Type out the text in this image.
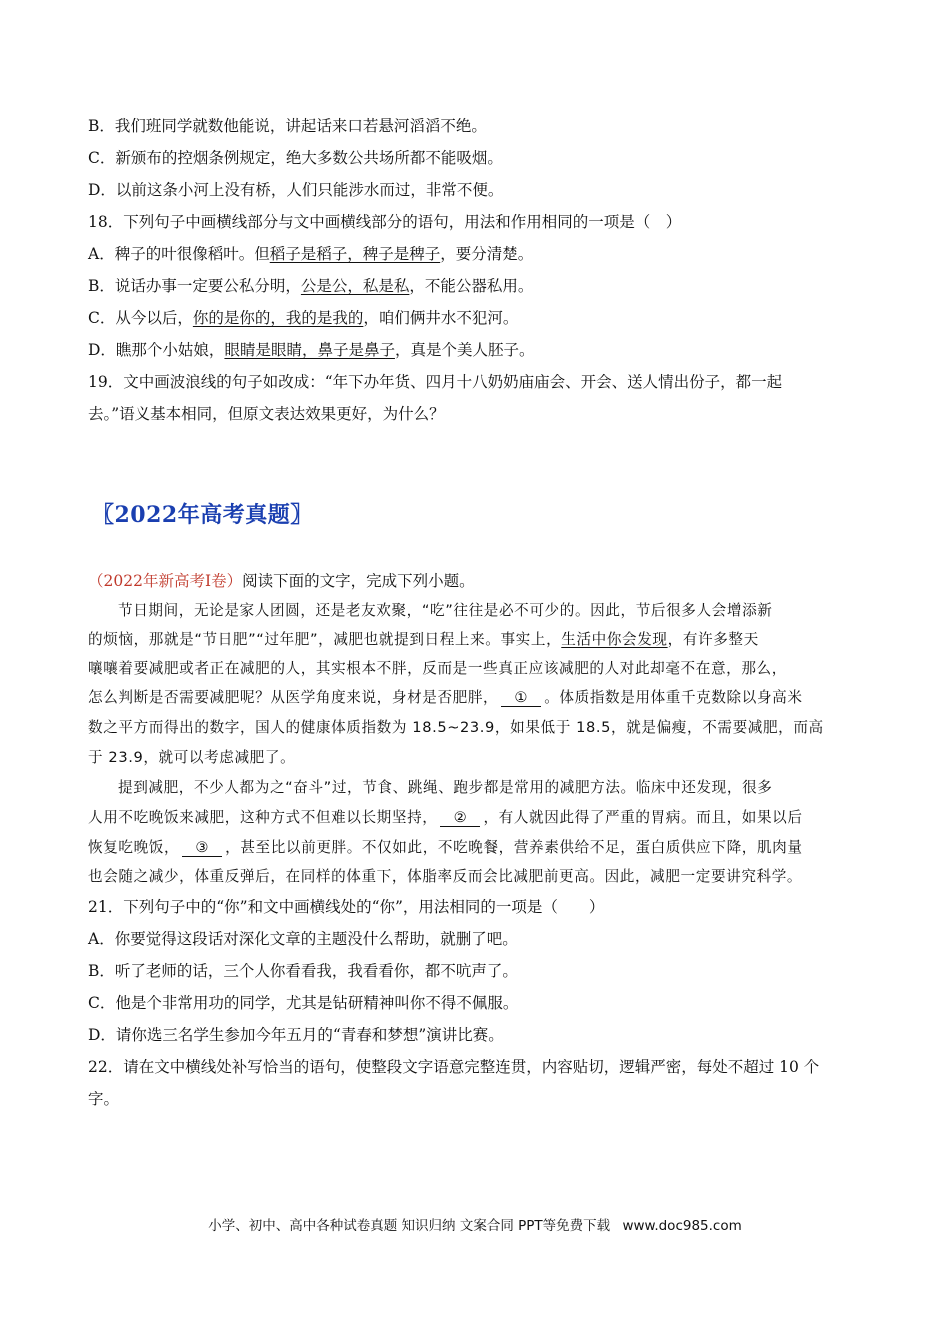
B．我们班同学就数他能说，讲起话来口若悬河滔滔不绝。
C．新颁布的控烟条例规定，绝大多数公共场所都不能吸烟。
D．以前这条小河上没有桥，人们只能涉水而过，非常不便。
18．下列句子中画横线部分与文中画横线部分的语句，用法和作用相同的一项是（　）
A．稗子的叶很像稻叶。但稻子是稻子，稗子是稗子，要分清楚。
B．说话办事一定要公私分明，公是公，私是私，不能公器私用。
C．从今以后，你的是你的，我的是我的，咱们俩井水不犯河。
D．瞧那个小姑娘，眼睛是眼睛，鼻子是鼻子，真是个美人胚子。
19．文中画波浪线的句子如改成：“年下办年货、四月十八奶奶庙庙会、开会、送人情出份子，都一起
去。”语义基本相同，但原文表达效果更好，为什么？
〖2022年高考真题〗
（2022年新高考Ⅰ卷）阅读下面的文字，完成下列小题。
节日期间，无论是家人团圆，还是老友欢聚，“吃”往往是必不可少的。因此，节后很多人会增添新
的烦恼，那就是“节日肥”“过年肥”，减肥也就提到日程上来。事实上，生活中你会发现，有许多整天
嚷嚷着要减肥或者正在减肥的人，其实根本不胖，反而是一些真正应该减肥的人对此却毫不在意，那么，
怎么判断是否需要减肥呢？从医学角度来说，身材是否肥胖， ① 。体质指数是用体重千克数除以身高米
数之平方而得出的数字，国人的健康体质指数为 18.5~23.9，如果低于 18.5，就是偏瘦，不需要减肥，而高
于 23.9，就可以考虑减肥了。
提到减肥，不少人都为之“奋斗”过，节食、跳绳、跑步都是常用的减肥方法。临床中还发现，很多
人用不吃晚饭来减肥，这种方式不但难以长期坚持， ② ，有人就因此得了严重的胃病。而且，如果以后
恢复吃晚饭， ③ ，甚至比以前更胖。不仅如此，不吃晚餐，营养素供给不足，蛋白质供应下降，肌肉量
也会随之减少，体重反弹后，在同样的体重下，体脂率反而会比减肥前更高。因此，减肥一定要讲究科学。
21．下列句子中的“你”和文中画横线处的“你”，用法相同的一项是（　　）
A．你要觉得这段话对深化文章的主题没什么帮助，就删了吧。
B．听了老师的话，三个人你看看我，我看看你，都不吭声了。
C．他是个非常用功的同学，尤其是钻研精神叫你不得不佩服。
D．请你选三名学生参加今年五月的“青春和梦想”演讲比赛。
22．请在文中横线处补写恰当的语句，使整段文字语意完整连贯，内容贴切，逻辑严密，每处不超过 10 个
字。
小学、初中、高中各种试卷真题 知识归纳 文案合同 PPT等免费下载 www.doc985.com
